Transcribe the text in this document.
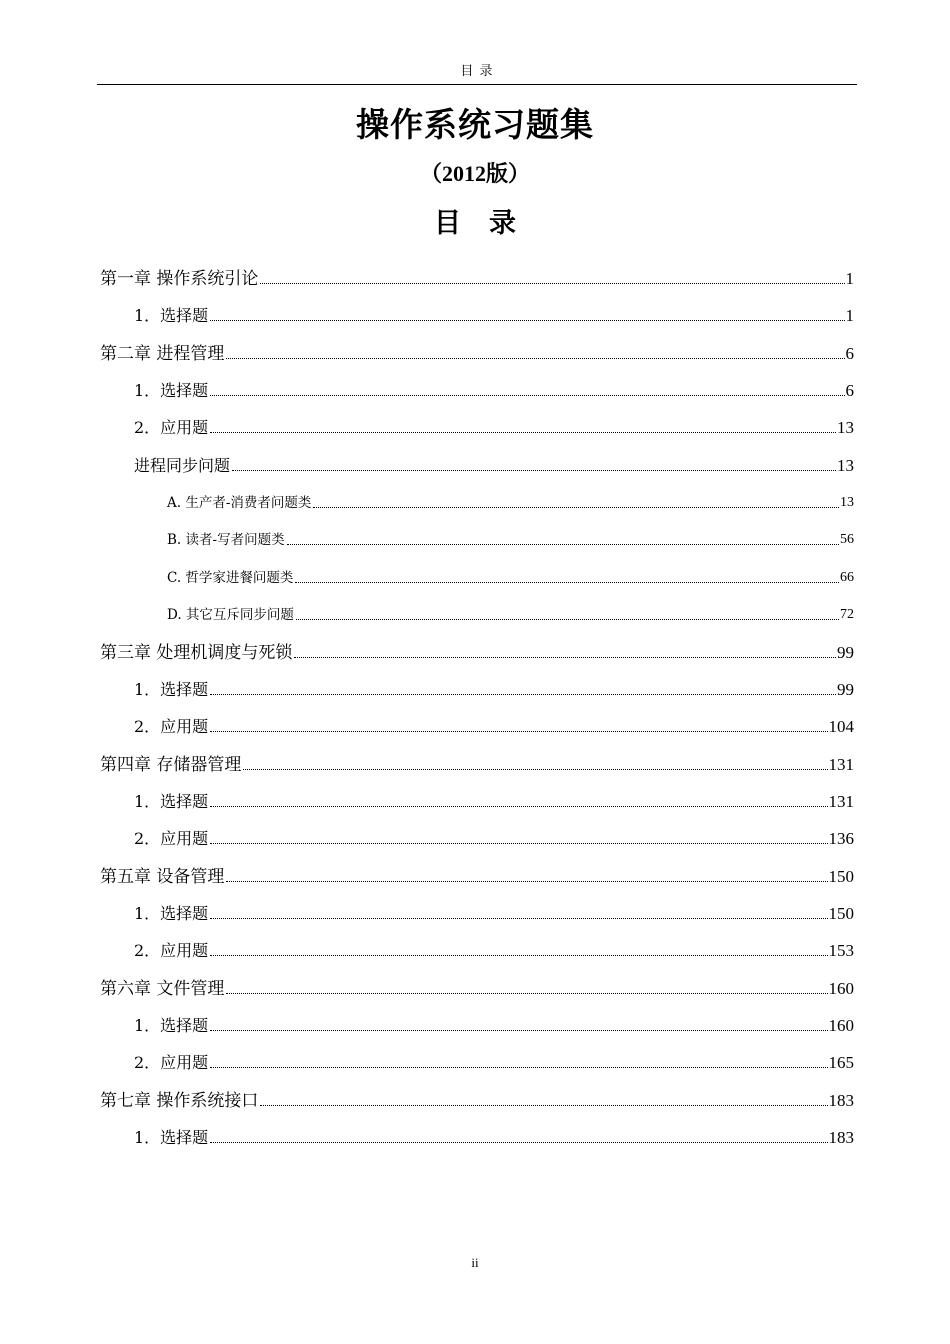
目 录
操作系统习题集
（2012版）
目录
第一章 操作系统引论	1
1．选择题	1
第二章 进程管理	6
1．选择题	6
2．应用题	13
进程同步问题	13
A. 生产者-消费者问题类	13
B. 读者-写者问题类	56
C. 哲学家进餐问题类	66
D. 其它互斥同步问题	72
第三章 处理机调度与死锁	99
1．选择题	99
2．应用题	104
第四章 存储器管理	131
1．选择题	131
2．应用题	136
第五章 设备管理	150
1．选择题	150
2．应用题	153
第六章 文件管理	160
1．选择题	160
2．应用题	165
第七章 操作系统接口	183
1．选择题	183
ii
